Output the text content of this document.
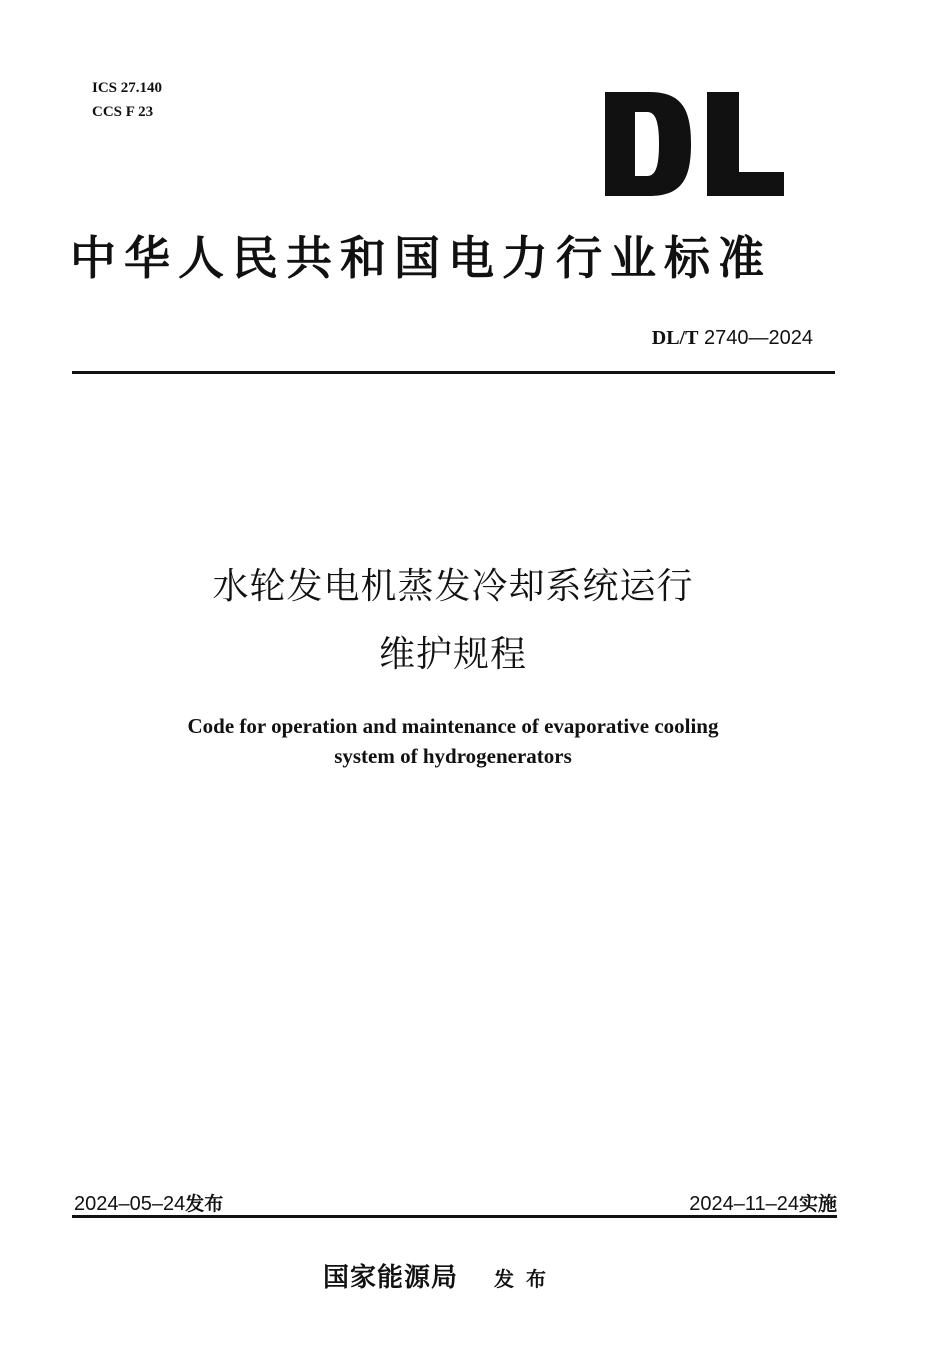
ICS 27.140
CCS F 23
中华人民共和国电力行业标准
DL/T 2740—2024
水轮发电机蒸发冷却系统运行
维护规程
Code for operation and maintenance of evaporative cooling
system of hydrogenerators
2024–05–24发布	2024–11–24实施
国家能源局 发布
